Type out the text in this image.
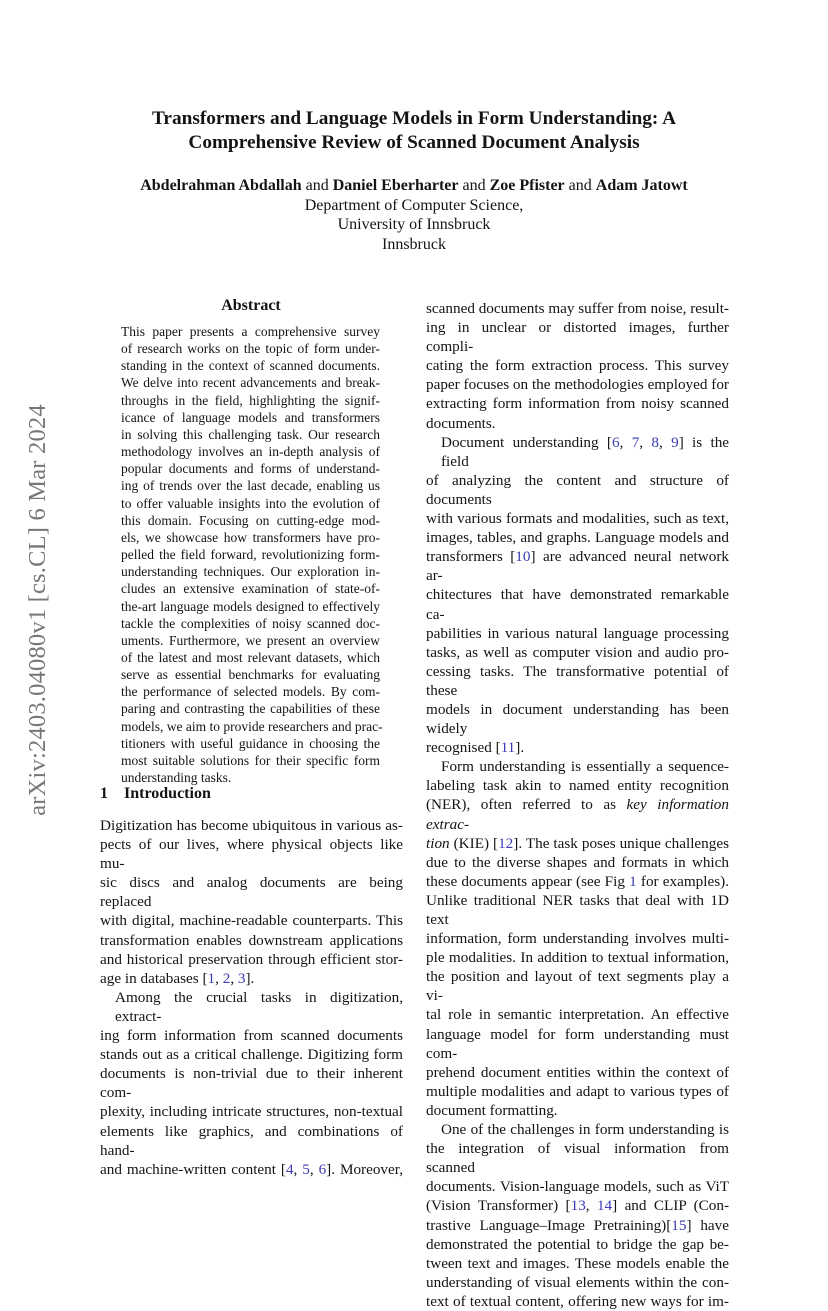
arXiv:2403.04080v1 [cs.CL] 6 Mar 2024
Transformers and Language Models in Form Understanding: A
Comprehensive Review of Scanned Document Analysis
Abdelrahman Abdallah and Daniel Eberharter and Zoe Pfister and Adam Jatowt
Department of Computer Science,
University of Innsbruck
Innsbruck
Abstract
This paper presents a comprehensive survey
of research works on the topic of form under-
standing in the context of scanned documents.
We delve into recent advancements and break-
throughs in the field, highlighting the signif-
icance of language models and transformers
in solving this challenging task. Our research
methodology involves an in-depth analysis of
popular documents and forms of understand-
ing of trends over the last decade, enabling us
to offer valuable insights into the evolution of
this domain. Focusing on cutting-edge mod-
els, we showcase how transformers have pro-
pelled the field forward, revolutionizing form-
understanding techniques. Our exploration in-
cludes an extensive examination of state-of-
the-art language models designed to effectively
tackle the complexities of noisy scanned doc-
uments. Furthermore, we present an overview
of the latest and most relevant datasets, which
serve as essential benchmarks for evaluating
the performance of selected models. By com-
paring and contrasting the capabilities of these
models, we aim to provide researchers and prac-
titioners with useful guidance in choosing the
most suitable solutions for their specific form
understanding tasks.
1 Introduction
Digitization has become ubiquitous in various as-
pects of our lives, where physical objects like mu-
sic discs and analog documents are being replaced
with digital, machine-readable counterparts. This
transformation enables downstream applications
and historical preservation through efficient stor-
age in databases [1, 2, 3].
Among the crucial tasks in digitization, extract-
ing form information from scanned documents
stands out as a critical challenge. Digitizing form
documents is non-trivial due to their inherent com-
plexity, including intricate structures, non-textual
elements like graphics, and combinations of hand-
and machine-written content [4, 5, 6]. Moreover,
scanned documents may suffer from noise, result-
ing in unclear or distorted images, further compli-
cating the form extraction process. This survey
paper focuses on the methodologies employed for
extracting form information from noisy scanned
documents.
Document understanding [6, 7, 8, 9] is the field
of analyzing the content and structure of documents
with various formats and modalities, such as text,
images, tables, and graphs. Language models and
transformers [10] are advanced neural network ar-
chitectures that have demonstrated remarkable ca-
pabilities in various natural language processing
tasks, as well as computer vision and audio pro-
cessing tasks. The transformative potential of these
models in document understanding has been widely
recognised [11].
Form understanding is essentially a sequence-
labeling task akin to named entity recognition
(NER), often referred to as key information extrac-
tion (KIE) [12]. The task poses unique challenges
due to the diverse shapes and formats in which
these documents appear (see Fig 1 for examples).
Unlike traditional NER tasks that deal with 1D text
information, form understanding involves multi-
ple modalities. In addition to textual information,
the position and layout of text segments play a vi-
tal role in semantic interpretation. An effective
language model for form understanding must com-
prehend document entities within the context of
multiple modalities and adapt to various types of
document formatting.
One of the challenges in form understanding is
the integration of visual information from scanned
documents. Vision-language models, such as ViT
(Vision Transformer) [13, 14] and CLIP (Con-
trastive Language–Image Pretraining)[15] have
demonstrated the potential to bridge the gap be-
tween text and images. These models enable the
understanding of visual elements within the con-
text of textual content, offering new ways for im-
